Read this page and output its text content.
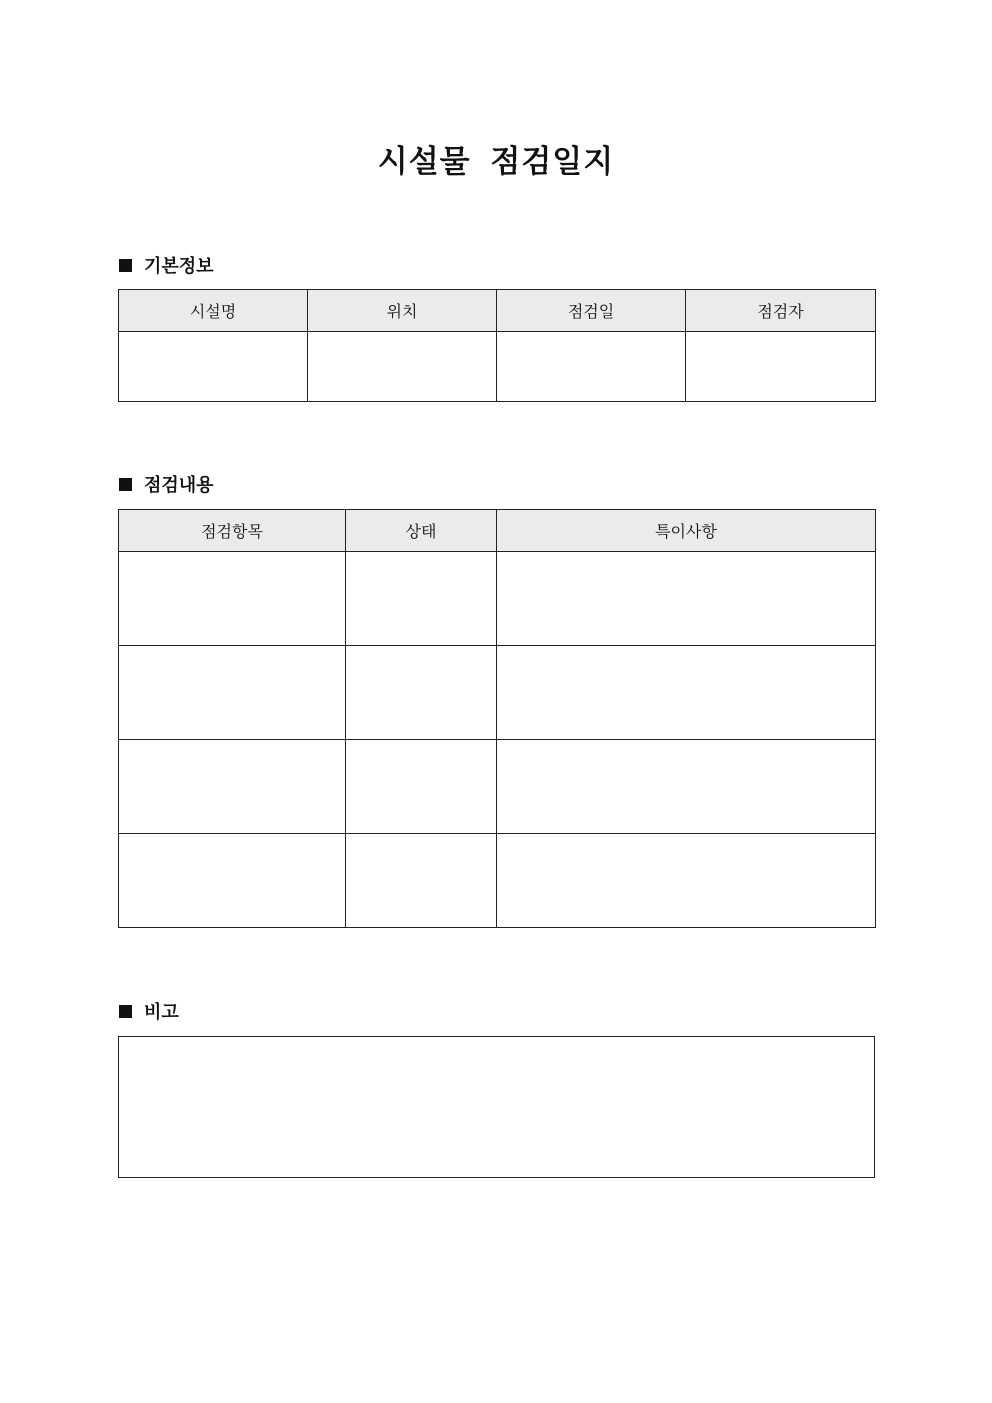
시설물 점검일지
기본정보
시설명	위치	점검일	점검자

점검내용
점검항목	상태	특이사항

비고
